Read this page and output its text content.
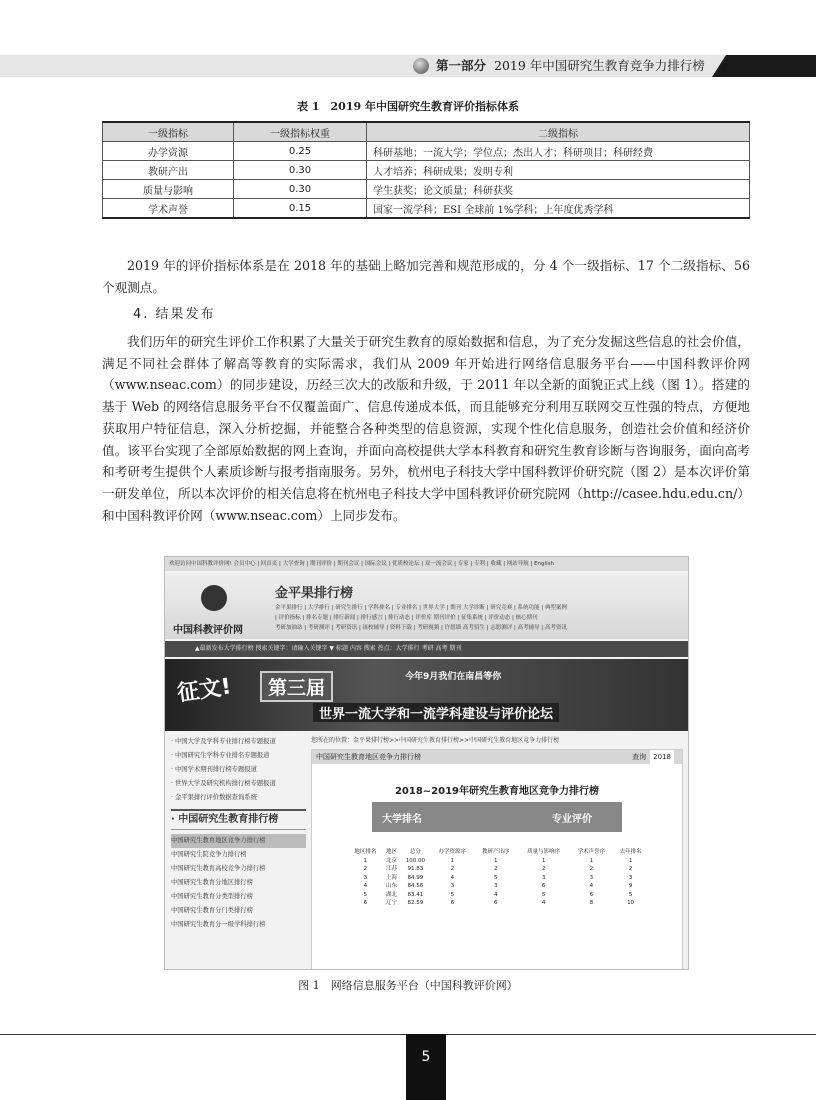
第一部分 2019 年中国研究生教育竞争力排行榜
表 1　2019 年中国研究生教育评价指标体系
一级指标	一级指标权重	二级指标
办学资源	0.25	科研基地；一流大学；学位点；杰出人才；科研项目；科研经费
教研产出	0.30	人才培养；科研成果；发明专利
质量与影响	0.30	学生获奖；论文质量；科研获奖
学术声誉	0.15	国家一流学科；ESI 全球前 1%学科；上年度优秀学科
2019 年的评价指标体系是在 2018 年的基础上略加完善和规范形成的，分 4 个一级指标、17 个二级指标、56 个观测点。
4. 结果发布
我们历年的研究生评价工作积累了大量关于研究生教育的原始数据和信息，为了充分发掘这些信息的社会价值，满足不同社会群体了解高等教育的实际需求，我们从 2009 年开始进行网络信息服务平台——中国科教评价网（www.nseac.com）的同步建设，历经三次大的改版和升级，于 2011 年以全新的面貌正式上线（图 1）。搭建的基于 Web 的网络信息服务平台不仅覆盖面广、信息传递成本低，而且能够充分利用互联网交互性强的特点，方便地获取用户特征信息，深入分析挖掘，并能整合各种类型的信息资源，实现个性化信息服务，创造社会价值和经济价值。该平台实现了全部原始数据的网上查询，并面向高校提供大学本科教育和研究生教育诊断与咨询服务，面向高考和考研考生提供个人素质诊断与报考指南服务。另外，杭州电子科技大学中国科教评价研究院（图 2）是本次评价第一研发单位，所以本次评价的相关信息将在杭州电子科技大学中国科教评价研究院网（http://casee.hdu.edu.cn/）和中国科教评价网（www.nseac.com）上同步发布。
欢迎访问中国科教评价网! 会员中心 | 回首页 | 大学查询 | 期刊评价 | 期刊会议 | 国际会议 | 优质校论坛 | 双一流会议 | 专家 | 专利 | 收藏 | 网站导航 | English
中国科教评价网
金平果排行榜
金平果排行 | 大学排行 | 研究生排行 | 学科排名 | 专业排名 | 世界大学 | 期刊 大学诊断 | 研究竞赛 | 系统功能 | 典型案例
| 评价指标 | 排名专题 | 排行新闻 | 排行感言 | 排行动态 | 评价库 期刊评价 | 征集系统 | 评价动态 | 核心期刊
考研加油站 | 考研测评 | 考研资讯 | 该校辅导 | 资料下载 | 考研视频 | 许愿墙 高考招生 | 志愿测评 | 高考辅导 | 高考资讯
▲最新发布大学排行榜 搜索关键字：请输入关键字 ▼ 标题 内容 搜索 热点：大学排行 考研 高考 期刊
征文!	第三届	今年9月我们在南昌等你
世界一流大学和一流学科建设与评价论坛
· 中国大学及学科专业排行榜专题报道
· 中国研究生学科专业排名专题报道
· 中国学术期刊排行榜专题报道
· 世界大学及研究机构排行榜专题报道
· 金平果排行评价数据查询系统
· 中国研究生教育排行榜
中国研究生教育地区竞争力排行榜
中国研究生院竞争力排行榜
中国研究生教育高校竞争力排行榜
中国研究生教育分地区排行榜
中国研究生教育分类型排行榜
中国研究生教育分门类排行榜
中国研究生教育分一级学科排行榜
您所在的位置：金平果排行榜>>中国研究生教育排行榜>>中国研究生教育地区竞争力排行榜
中国研究生教育地区竞争力排行榜	2018
查询
2018~2019年研究生教育地区竞争力排行榜
大学排名	专业评价
地区排名	地区	总分	办学资源序	教研产出序	质量与影响序	学术声誉序	去年排名
1	北京	100.00	1	1	1	1	1
2	江苏	91.83	2	2	2	2	2
3	上海	84.99	4	5	3	3	3
4	山东	84.56	3	3	6	4	9
5	湖北	83.41	5	4	5	6	5
6	辽宁	82.59	6	6	4	8	10
图 1　网络信息服务平台（中国科教评价网）
5
